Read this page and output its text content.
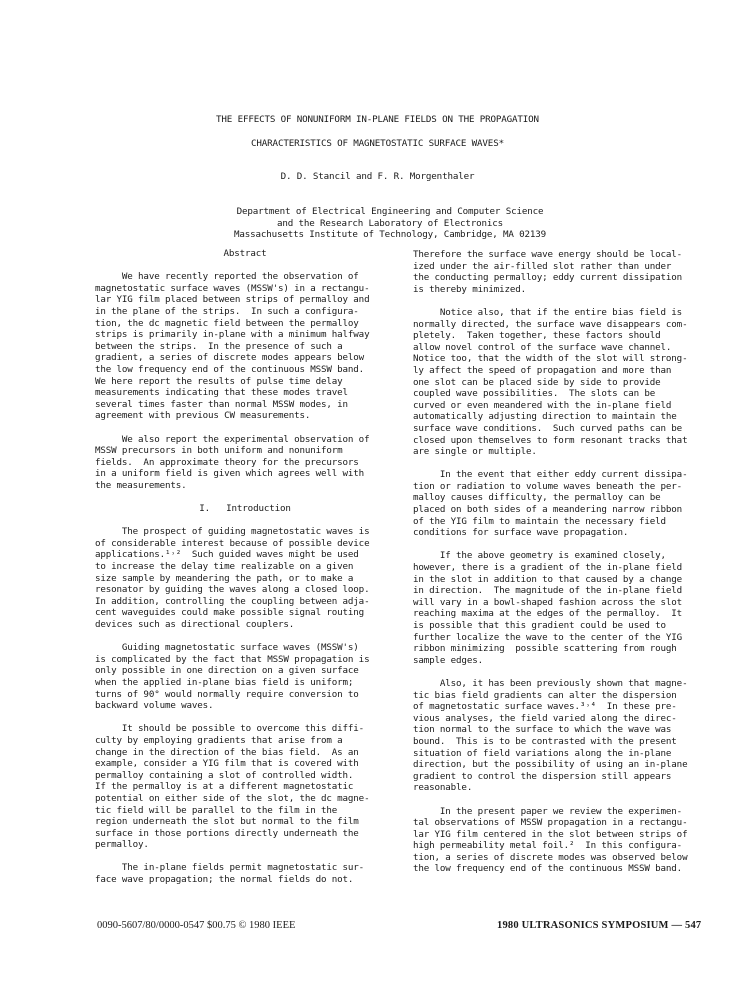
THE EFFECTS OF NONUNIFORM IN-PLANE FIELDS ON THE PROPAGATION
CHARACTERISTICS OF MAGNETOSTATIC SURFACE WAVES*
D. D. Stancil and F. R. Morgenthaler
Department of Electrical Engineering and Computer Science
and the Research Laboratory of Electronics
Massachusetts Institute of Technology, Cambridge, MA 02139
Abstract
We have recently reported the observation of
magnetostatic surface waves (MSSW's) in a rectangu-
lar YIG film placed between strips of permalloy and
in the plane of the strips.  In such a configura-
tion, the dc magnetic field between the permalloy
strips is primarily in-plane with a minimum halfway
between the strips.  In the presence of such a
gradient, a series of discrete modes appears below
the low frequency end of the continuous MSSW band.
We here report the results of pulse time delay
measurements indicating that these modes travel
several times faster than normal MSSW modes, in
agreement with previous CW measurements.
We also report the experimental observation of
MSSW precursors in both uniform and nonuniform
fields.  An approximate theory for the precursors
in a uniform field is given which agrees well with
the measurements.
I.   Introduction
The prospect of guiding magnetostatic waves is
of considerable interest because of possible device
applications.¹˒²  Such guided waves might be used
to increase the delay time realizable on a given
size sample by meandering the path, or to make a
resonator by guiding the waves along a closed loop.
In addition, controlling the coupling between adja-
cent waveguides could make possible signal routing
devices such as directional couplers.
Guiding magnetostatic surface waves (MSSW's)
is complicated by the fact that MSSW propagation is
only possible in one direction on a given surface
when the applied in-plane bias field is uniform;
turns of 90° would normally require conversion to
backward volume waves.
It should be possible to overcome this diffi-
culty by employing gradients that arise from a
change in the direction of the bias field.  As an
example, consider a YIG film that is covered with
permalloy containing a slot of controlled width.
If the permalloy is at a different magnetostatic
potential on either side of the slot, the dc magne-
tic field will be parallel to the film in the
region underneath the slot but normal to the film
surface in those portions directly underneath the
permalloy.
The in-plane fields permit magnetostatic sur-
face wave propagation; the normal fields do not.
Therefore the surface wave energy should be local-
ized under the air-filled slot rather than under
the conducting permalloy; eddy current dissipation
is thereby minimized.
Notice also, that if the entire bias field is
normally directed, the surface wave disappears com-
pletely.  Taken together, these factors should
allow novel control of the surface wave channel.
Notice too, that the width of the slot will strong-
ly affect the speed of propagation and more than
one slot can be placed side by side to provide
coupled wave possibilities.  The slots can be
curved or even meandered with the in-plane field
automatically adjusting direction to maintain the
surface wave conditions.  Such curved paths can be
closed upon themselves to form resonant tracks that
are single or multiple.
In the event that either eddy current dissipa-
tion or radiation to volume waves beneath the per-
malloy causes difficulty, the permalloy can be
placed on both sides of a meandering narrow ribbon
of the YIG film to maintain the necessary field
conditions for surface wave propagation.
If the above geometry is examined closely,
however, there is a gradient of the in-plane field
in the slot in addition to that caused by a change
in direction.  The magnitude of the in-plane field
will vary in a bowl-shaped fashion across the slot
reaching maxima at the edges of the permalloy.  It
is possible that this gradient could be used to
further localize the wave to the center of the YIG
ribbon minimizing  possible scattering from rough
sample edges.
Also, it has been previously shown that magne-
tic bias field gradients can alter the dispersion
of magnetostatic surface waves.³˒⁴  In these pre-
vious analyses, the field varied along the direc-
tion normal to the surface to which the wave was
bound.  This is to be contrasted with the present
situation of field variations along the in-plane
direction, but the possibility of using an in-plane
gradient to control the dispersion still appears
reasonable.
In the present paper we review the experimen-
tal observations of MSSW propagation in a rectangu-
lar YIG film centered in the slot between strips of
high permeability metal foil.²  In this configura-
tion, a series of discrete modes was observed below
the low frequency end of the continuous MSSW band.
0090-5607/80/0000-0547 $00.75 © 1980 IEEE	1980 ULTRASONICS SYMPOSIUM — 547
